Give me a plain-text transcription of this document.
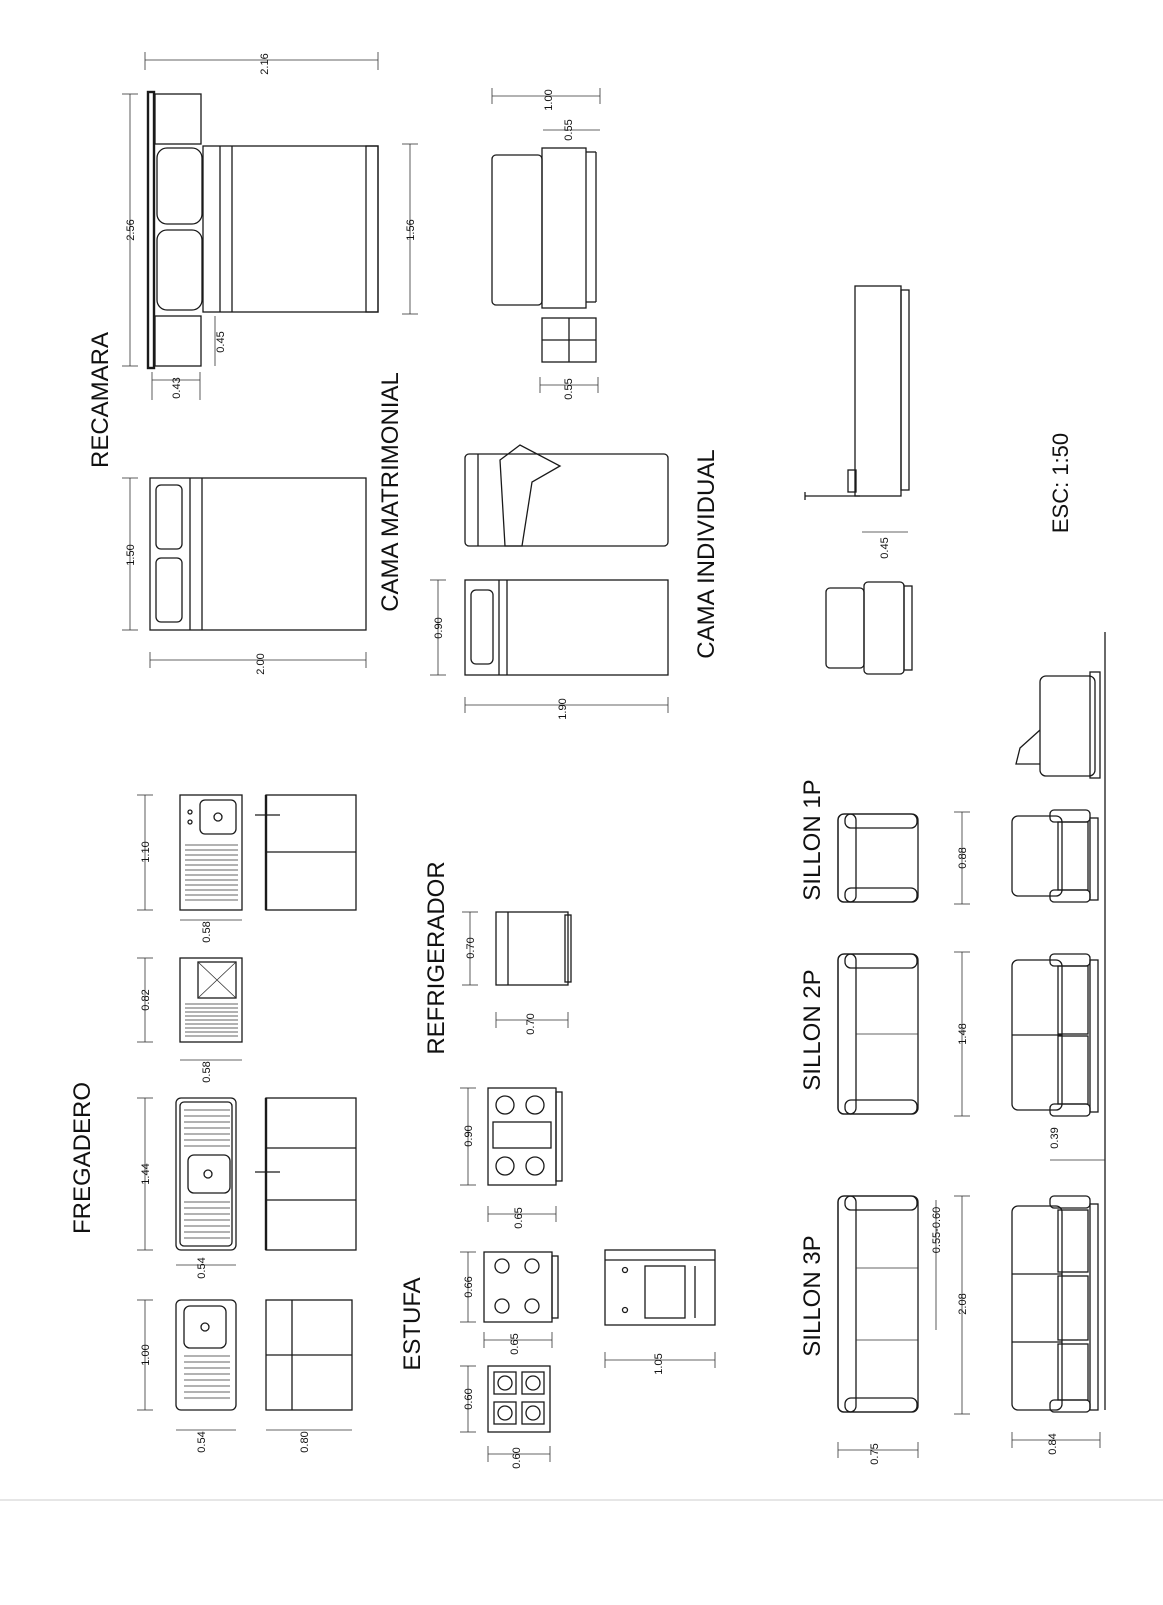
2.16
2.56	1.56
0.45
0.43
RECAMARA
1.50
2.00
CAMA MATRIMONIAL
1.00
0.55
0.55
0.90
1.90
CAMA INDIVIDUAL	0.45
ESC: 1:50
1.10
0.58
0.82
0.58
1.44
0.54
1.00
0.54	0.80
FREGADERO
0.70
0.70
REFRIGERADOR
0.90
0.65
0.66
0.65
0.60
0.60
1.05
ESTUFA
0.88
SILLON 1P
1.48
0.39
SILLON 2P
0.55-0.60
2.08
0.75	0.84
SILLON 3P
